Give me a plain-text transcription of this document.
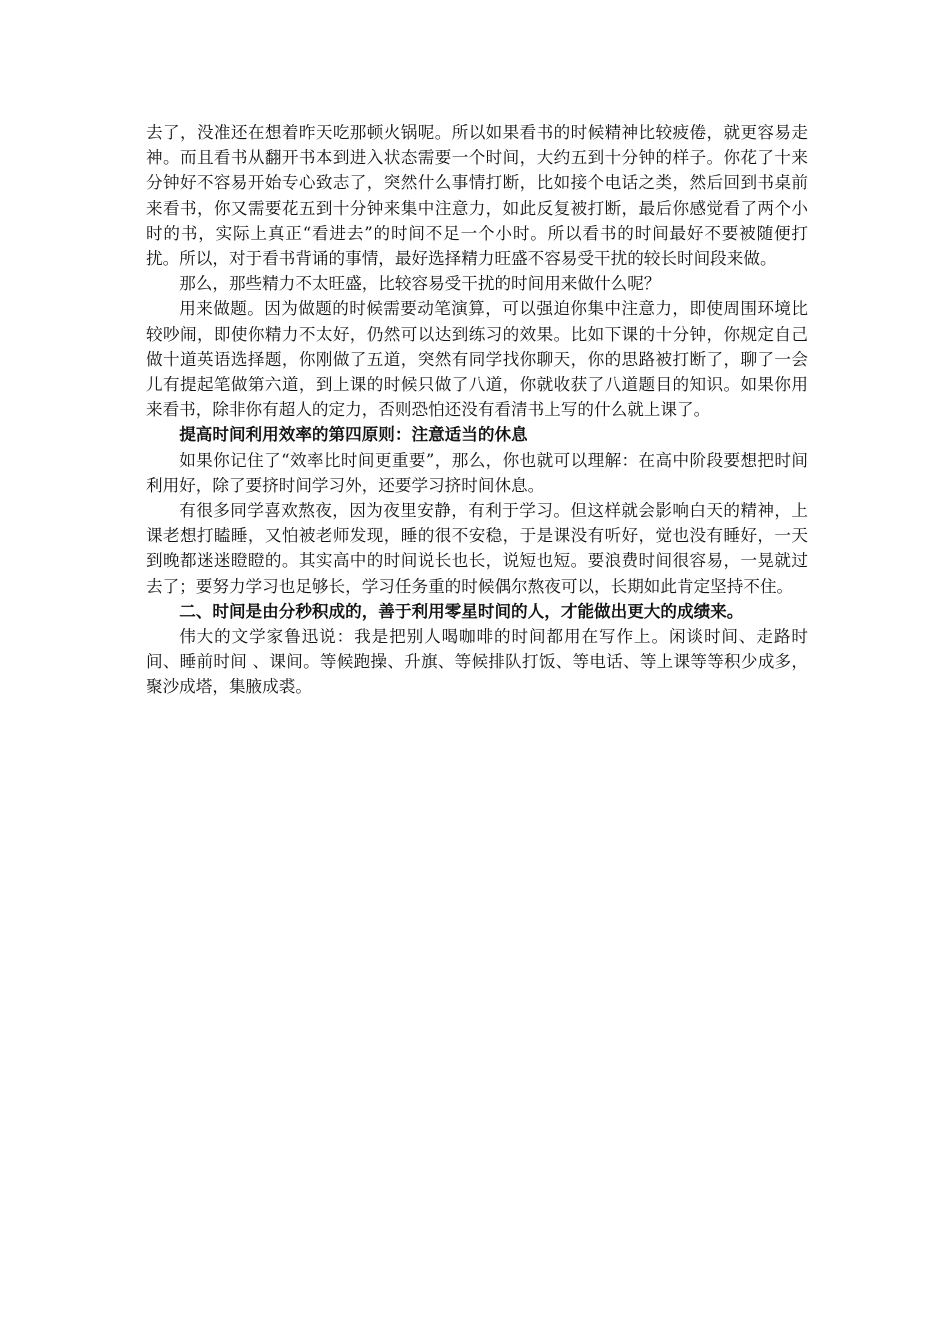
去了，没准还在想着昨天吃那顿火锅呢。所以如果看书的时候精神比较疲倦，就更容易走神。而且看书从翻开书本到进入状态需要一个时间，大约五到十分钟的样子。你花了十来分钟好不容易开始专心致志了，突然什么事情打断，比如接个电话之类，然后回到书桌前来看书，你又需要花五到十分钟来集中注意力，如此反复被打断，最后你感觉看了两个小时的书，实际上真正“看进去”的时间不足一个小时。所以看书的时间最好不要被随便打扰。所以，对于看书背诵的事情，最好选择精力旺盛不容易受干扰的较长时间段来做。

那么，那些精力不太旺盛，比较容易受干扰的时间用来做什么呢？

用来做题。因为做题的时候需要动笔演算，可以强迫你集中注意力，即使周围环境比较吵闹，即使你精力不太好，仍然可以达到练习的效果。比如下课的十分钟，你规定自己做十道英语选择题，你刚做了五道，突然有同学找你聊天，你的思路被打断了，聊了一会儿有提起笔做第六道，到上课的时候只做了八道，你就收获了八道题目的知识。如果你用来看书，除非你有超人的定力，否则恐怕还没有看清书上写的什么就上课了。

提高时间利用效率的第四原则：注意适当的休息

如果你记住了“效率比时间更重要”，那么，你也就可以理解：在高中阶段要想把时间利用好，除了要挤时间学习外，还要学习挤时间休息。

有很多同学喜欢熬夜，因为夜里安静，有利于学习。但这样就会影响白天的精神，上课老想打瞌睡，又怕被老师发现，睡的很不安稳，于是课没有听好，觉也没有睡好，一天到晚都迷迷瞪瞪的。其实高中的时间说长也长，说短也短。要浪费时间很容易，一晃就过去了；要努力学习也足够长，学习任务重的时候偶尔熬夜可以，长期如此肯定坚持不住。

二、时间是由分秒积成的，善于利用零星时间的人，才能做出更大的成绩来。

伟大的文学家鲁迅说：我是把别人喝咖啡的时间都用在写作上。闲谈时间、走路时间、睡前时间 、课间。等候跑操、升旗、等候排队打饭、等电话、等上课等等积少成多，聚沙成塔，集腋成裘。
